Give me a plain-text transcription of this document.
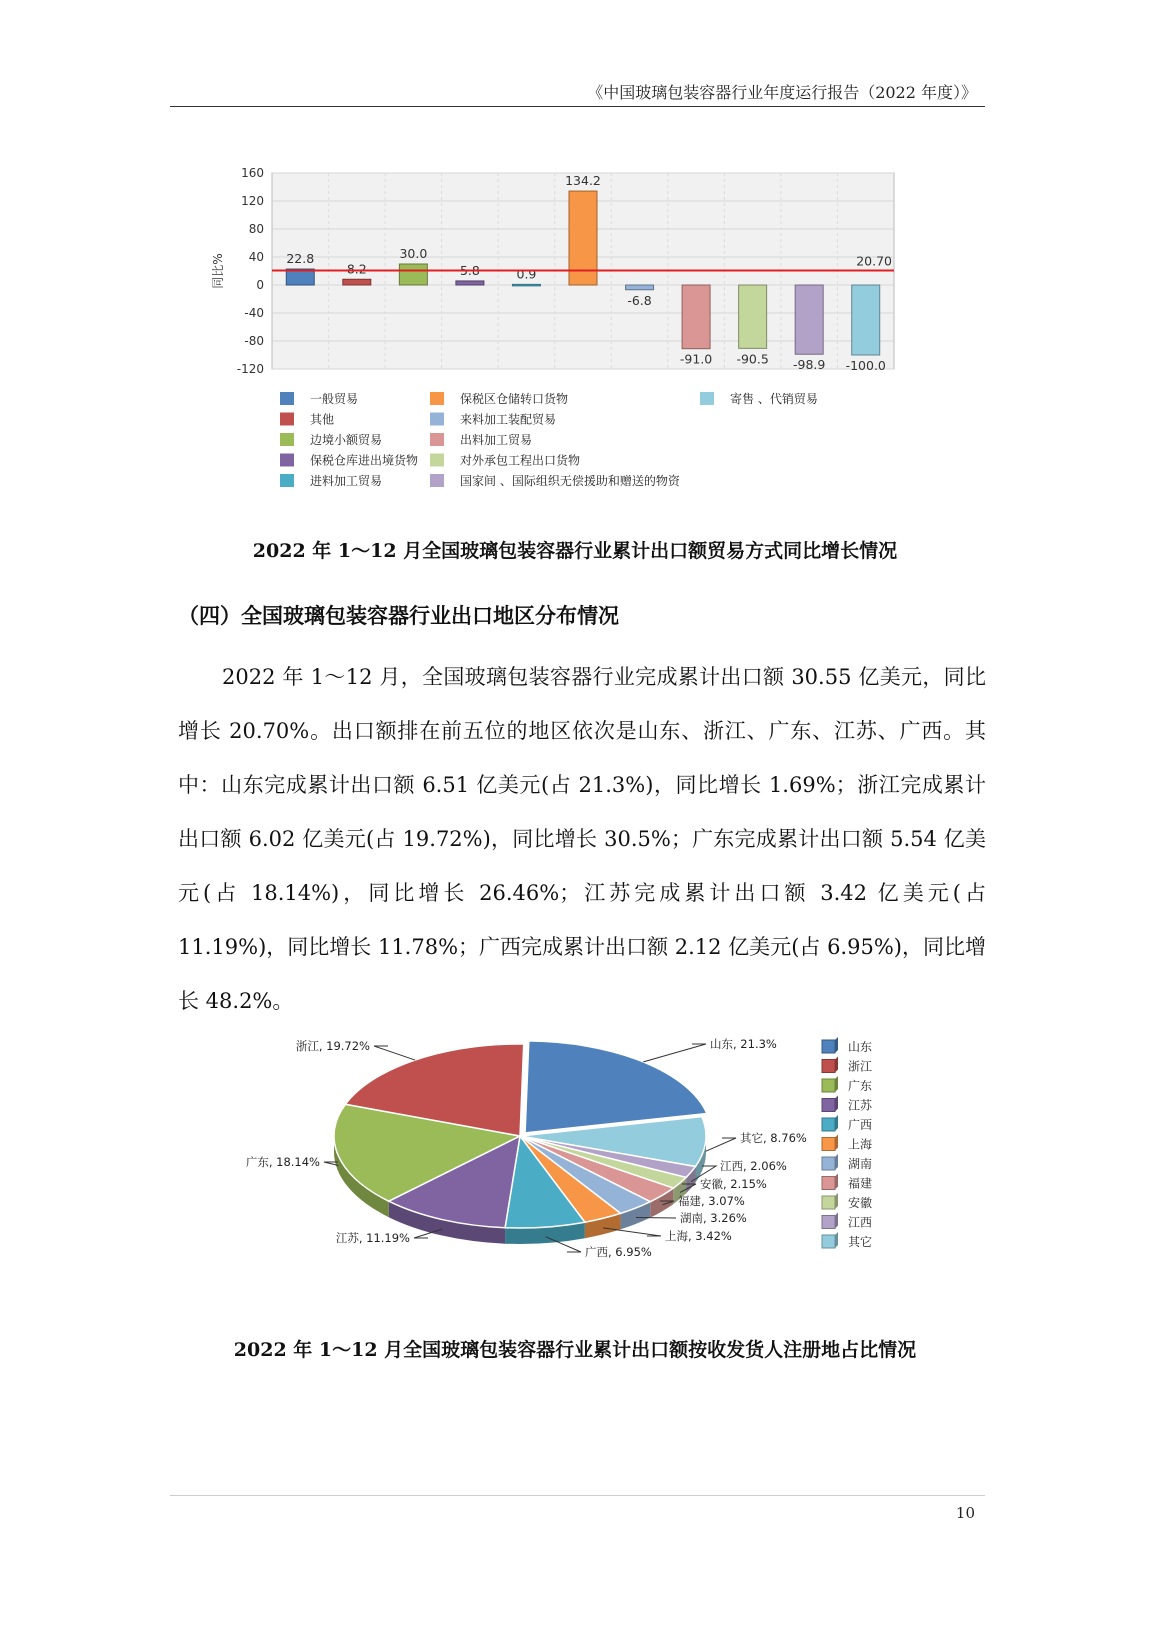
《中国玻璃包装容器行业年度运行报告（2022 年度）》
160
120
80
40
0
-40
-80
-120
同比%	22.8
8.2
30.0
5.8	0.9
134.2
-6.8
-91.0 -90.5 -98.9 -100.0
20.70
一般贸易
其他
边境小额贸易
保税仓库进出境货物
进料加工贸易
保税区仓储转口货物
来料加工装配贸易
出料加工贸易
对外承包工程出口货物
国家间 、国际组织无偿援助和赠送的物资
寄售 、代销贸易
2022 年 1～12 月全国玻璃包装容器行业累计出口额贸易方式同比增长情况
（四）全国玻璃包装容器行业出口地区分布情况

2022 年 1～12 月，全国玻璃包装容器行业完成累计出口额 30.55 亿美元，同比增长 20.70%。出口额排在前五位的地区依次是山东、浙江、广东、江苏、广西。其中：山东完成累计出口额 6.51 亿美元(占 21.3%)，同比增长 1.69%；浙江完成累计出口额 6.02 亿美元(占 19.72%)，同比增长 30.5%；广东完成累计出口额 5.54 亿美元(占 18.14%)，同比增长 26.46%；江苏完成累计出口额 3.42 亿美元(占 11.19%)，同比增长 11.78%；广西完成累计出口额 2.12 亿美元(占 6.95%)，同比增长 48.2%。

山东, 21.3%
其它, 8.76%
江西, 2.06%
安徽, 2.15%
福建, 3.07%
湖南, 3.26%
上海, 3.42%
广西, 6.95%
江苏, 11.19%
广东, 18.14%
浙江, 19.72%	山东
浙江
广东
江苏
广西
上海
湖南
福建
安徽
江西
其它
2022 年 1～12 月全国玻璃包装容器行业累计出口额按收发货人注册地占比情况
10
